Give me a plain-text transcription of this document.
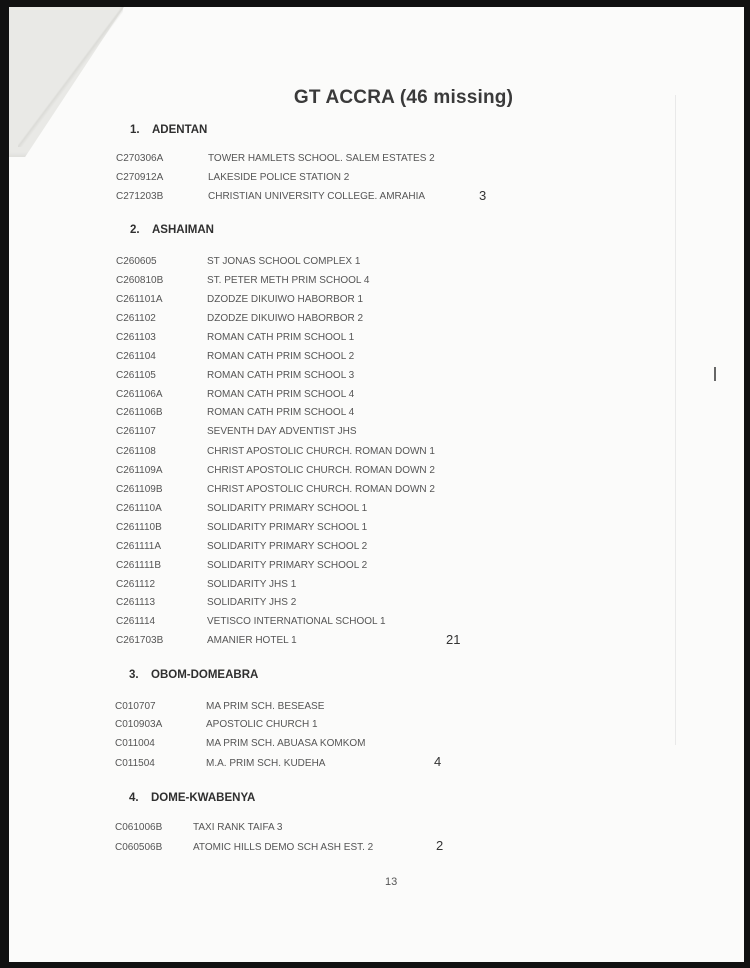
GT ACCRA (46 missing)
1. ADENTAN
C270306A	TOWER HAMLETS SCHOOL. SALEM ESTATES 2
C270912A	LAKESIDE POLICE STATION 2
C271203B	CHRISTIAN UNIVERSITY COLLEGE. AMRAHIA	3
2. ASHAIMAN
C260605	ST JONAS SCHOOL COMPLEX 1
C260810B	ST. PETER METH PRIM SCHOOL 4
C261101A	DZODZE DIKUIWO HABORBOR 1
C261102	DZODZE DIKUIWO HABORBOR 2
C261103	ROMAN CATH PRIM SCHOOL 1
C261104	ROMAN CATH PRIM SCHOOL 2
C261105	ROMAN CATH PRIM SCHOOL 3
C261106A	ROMAN CATH PRIM SCHOOL 4
C261106B	ROMAN CATH PRIM SCHOOL 4
C261107	SEVENTH DAY ADVENTIST JHS
C261108	CHRIST APOSTOLIC CHURCH. ROMAN DOWN 1
C261109A	CHRIST APOSTOLIC CHURCH. ROMAN DOWN 2
C261109B	CHRIST APOSTOLIC CHURCH. ROMAN DOWN 2
C261110A	SOLIDARITY PRIMARY SCHOOL 1
C261110B	SOLIDARITY PRIMARY SCHOOL 1
C261111A	SOLIDARITY PRIMARY SCHOOL 2
C261111B	SOLIDARITY PRIMARY SCHOOL 2
C261112	SOLIDARITY JHS 1
C261113	SOLIDARITY JHS 2
C261114	VETISCO INTERNATIONAL SCHOOL 1
C261703B	AMANIER HOTEL 1	21
3. OBOM-DOMEABRA
C010707	MA PRIM SCH. BESEASE
C010903A	APOSTOLIC CHURCH 1
C011004	MA PRIM SCH. ABUASA KOMKOM
C011504	M.A. PRIM SCH. KUDEHA	4
4. DOME-KWABENYA
C061006B	TAXI RANK TAIFA 3
C060506B	ATOMIC HILLS DEMO SCH ASH EST. 2	2
13
